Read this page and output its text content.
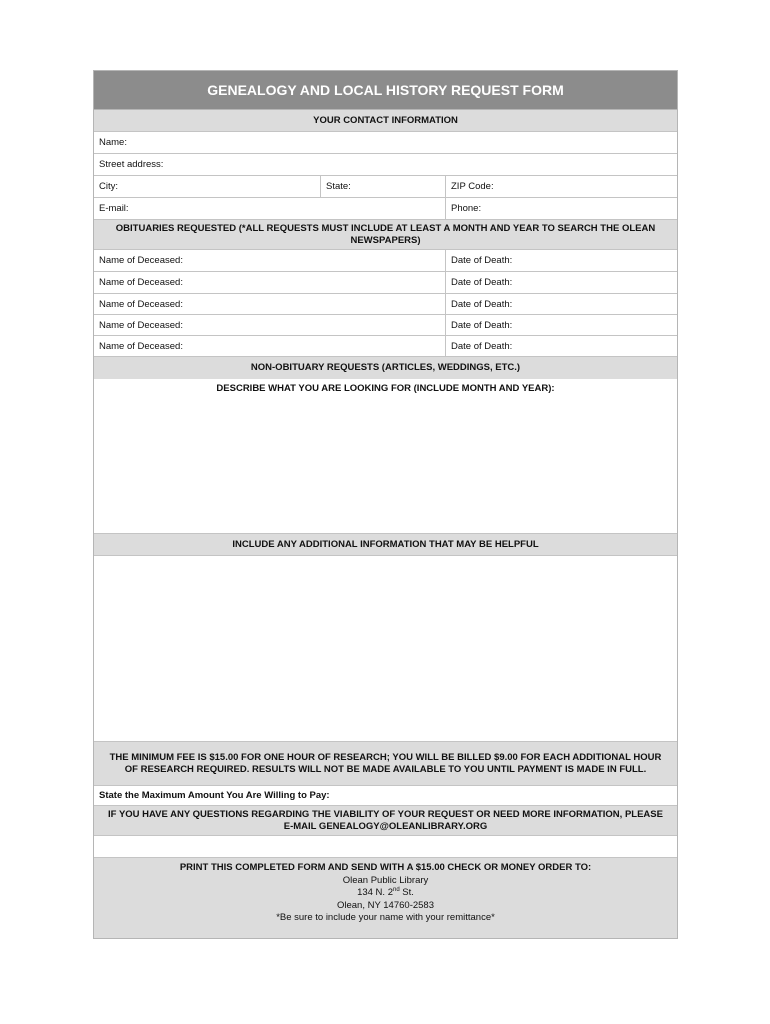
GENEALOGY AND LOCAL HISTORY REQUEST FORM
YOUR CONTACT INFORMATION
Name:
Street address:
City:	State:	ZIP Code:
E-mail:	Phone:
OBITUARIES REQUESTED (*ALL REQUESTS MUST INCLUDE AT LEAST A MONTH AND YEAR TO SEARCH THE OLEAN NEWSPAPERS)
Name of Deceased:	Date of Death:
Name of Deceased:	Date of Death:
Name of Deceased:	Date of Death:
Name of Deceased:	Date of Death:
Name of Deceased:	Date of Death:
NON-OBITUARY REQUESTS (ARTICLES, WEDDINGS, ETC.)
DESCRIBE WHAT YOU ARE LOOKING FOR (INCLUDE MONTH AND YEAR):
INCLUDE ANY ADDITIONAL INFORMATION THAT MAY BE HELPFUL
THE MINIMUM FEE IS $15.00 FOR ONE HOUR OF RESEARCH; YOU WILL BE BILLED $9.00 FOR EACH ADDITIONAL HOUR OF RESEARCH REQUIRED. RESULTS WILL NOT BE MADE AVAILABLE TO YOU UNTIL PAYMENT IS MADE IN FULL.
State the Maximum Amount You Are Willing to Pay:
IF YOU HAVE ANY QUESTIONS REGARDING THE VIABILITY OF YOUR REQUEST OR NEED MORE INFORMATION, PLEASE E-MAIL GENEALOGY@OLEANLIBRARY.ORG
PRINT THIS COMPLETED FORM AND SEND WITH A $15.00 CHECK OR MONEY ORDER TO:
Olean Public Library
134 N. 2nd St.
Olean, NY 14760-2583
*Be sure to include your name with your remittance*
